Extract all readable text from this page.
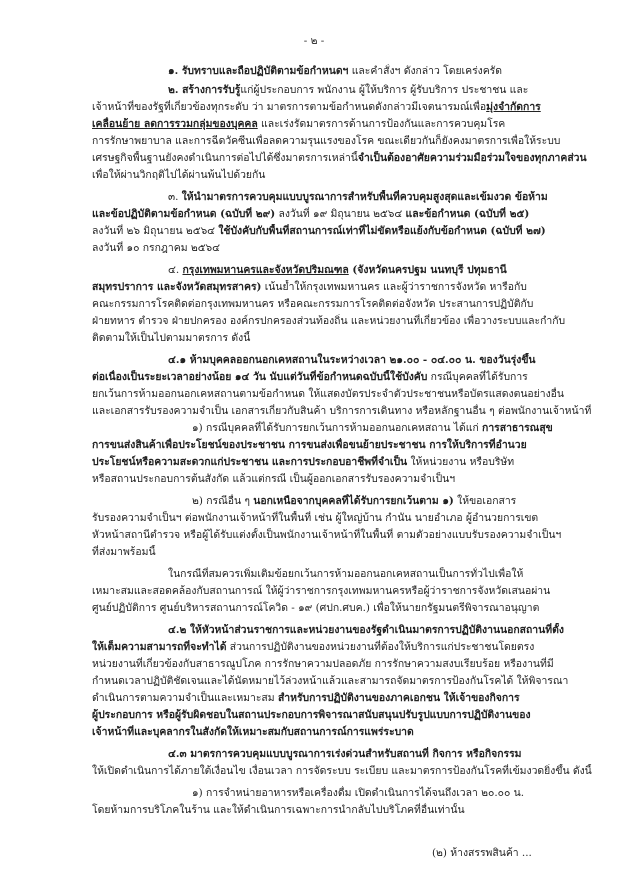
- ๒ -
๑. รับทราบและถือปฏิบัติตามข้อกำหนดฯ และคำสั่งฯ ดังกล่าว โดยเคร่งครัด
๒. สร้างการรับรู้แก่ผู้ประกอบการ พนักงาน ผู้ให้บริการ ผู้รับบริการ ประชาชน และ
เจ้าหน้าที่ของรัฐที่เกี่ยวข้องทุกระดับ ว่า มาตรการตามข้อกำหนดดังกล่าวมีเจตนารมณ์เพื่อมุ่งจำกัดการ
เคลื่อนย้าย ลดการรวมกลุ่มของบุคคล และเร่งรัดมาตรการด้านการป้องกันและการควบคุมโรค
การรักษาพยาบาล และการฉีดวัคซีนเพื่อลดความรุนแรงของโรค ขณะเดียวกันก็ยังคงมาตรการเพื่อให้ระบบ
เศรษฐกิจพื้นฐานยังคงดำเนินการต่อไปได้ซึ่งมาตรการเหล่านี้จำเป็นต้องอาศัยความร่วมมือร่วมใจของทุกภาคส่วน
เพื่อให้ผ่านวิกฤติไปได้ผ่านพ้นไปด้วยกัน
๓. ให้นำมาตรการควบคุมแบบบูรณาการสำหรับพื้นที่ควบคุมสูงสุดและเข้มงวด ข้อห้าม
และข้อปฏิบัติตามข้อกำหนด (ฉบับที่ ๒๙) ลงวันที่ ๑๙ มิถุนายน ๒๕๖๔ และข้อกำหนด (ฉบับที่ ๒๕)
ลงวันที่ ๒๖ มิถุนายน ๒๕๖๔ ใช้บังคับกับพื้นที่สถานการณ์เท่าที่ไม่ขัดหรือแย้งกับข้อกำหนด (ฉบับที่ ๒๗)
ลงวันที่ ๑๐ กรกฎาคม ๒๕๖๔
๔. กรุงเทพมหานครและจังหวัดปริมณฑล (จังหวัดนครปฐม นนทบุรี ปทุมธานี
สมุทรปราการ และจังหวัดสมุทรสาคร) เน้นย้ำให้กรุงเทพมหานคร และผู้ว่าราชการจังหวัด หารือกับ
คณะกรรมการโรคติดต่อกรุงเทพมหานคร หรือคณะกรรมการโรคติดต่อจังหวัด ประสานการปฏิบัติกับ
ฝ่ายทหาร ตำรวจ ฝ่ายปกครอง องค์กรปกครองส่วนท้องถิ่น และหน่วยงานที่เกี่ยวข้อง เพื่อวางระบบและกำกับ
ติดตามให้เป็นไปตามมาตรการ ดังนี้
๔.๑ ห้ามบุคคลออกนอกเคหสถานในระหว่างเวลา ๒๑.๐๐ - ๐๔.๐๐ น. ของวันรุ่งขึ้น
ต่อเนื่องเป็นระยะเวลาอย่างน้อย ๑๔ วัน นับแต่วันที่ข้อกำหนดฉบับนี้ใช้บังคับ กรณีบุคคลที่ได้รับการ
ยกเว้นการห้ามออกนอกเคหสถานตามข้อกำหนด ให้แสดงบัตรประจำตัวประชาชนหรือบัตรแสดงตนอย่างอื่น
และเอกสารรับรองความจำเป็น เอกสารเกี่ยวกับสินค้า บริการการเดินทาง หรือหลักฐานอื่น ๆ ต่อพนักงานเจ้าหน้าที่
๑) กรณีบุคคลที่ได้รับการยกเว้นการห้ามออกนอกเคหสถาน ได้แก่ การสาธารณสุข
การขนส่งสินค้าเพื่อประโยชน์ของประชาชน การขนส่งเพื่อขนย้ายประชาชน การให้บริการที่อำนวย
ประโยชน์หรือความสะดวกแก่ประชาชน และการประกอบอาชีพที่จำเป็น ให้หน่วยงาน หรือบริษัท
หรือสถานประกอบการต้นสังกัด แล้วแต่กรณี เป็นผู้ออกเอกสารรับรองความจำเป็นฯ
๒) กรณีอื่น ๆ นอกเหนือจากบุคคลที่ได้รับการยกเว้นตาม ๑) ให้ขอเอกสาร
รับรองความจำเป็นฯ ต่อพนักงานเจ้าหน้าที่ในพื้นที่ เช่น ผู้ใหญ่บ้าน กำนัน นายอำเภอ ผู้อำนวยการเขต
หัวหน้าสถานีตำรวจ หรือผู้ได้รับแต่งตั้งเป็นพนักงานเจ้าหน้าที่ในพื้นที่ ตามตัวอย่างแบบรับรองความจำเป็นฯ
ที่ส่งมาพร้อมนี้
ในกรณีที่สมควรเพิ่มเติมข้อยกเว้นการห้ามออกนอกเคหสถานเป็นการทั่วไปเพื่อให้
เหมาะสมและสอดคล้องกับสถานการณ์ ให้ผู้ว่าราชการกรุงเทพมหานครหรือผู้ว่าราชการจังหวัดเสนอผ่าน
ศูนย์ปฏิบัติการ ศูนย์บริหารสถานการณ์โควิด - ๑๙ (ศปก.ศบค.) เพื่อให้นายกรัฐมนตรีพิจารณาอนุญาต
๔.๒ ให้หัวหน้าส่วนราชการและหน่วยงานของรัฐดำเนินมาตรการปฏิบัติงานนอกสถานที่ตั้ง
ให้เต็มความสามารถที่จะทำได้ ส่วนการปฏิบัติงานของหน่วยงานที่ต้องให้บริการแก่ประชาชนโดยตรง
หน่วยงานที่เกี่ยวข้องกับสาธารณูปโภค การรักษาความปลอดภัย การรักษาความสงบเรียบร้อย หรืองานที่มี
กำหนดเวลาปฏิบัติชัดเจนและได้นัดหมายไว้ล่วงหน้าแล้วและสามารถจัดมาตรการป้องกันโรคได้ ให้พิจารณา
ดำเนินการตามความจำเป็นและเหมาะสม สำหรับการปฏิบัติงานของภาคเอกชน ให้เจ้าของกิจการ
ผู้ประกอบการ หรือผู้รับผิดชอบในสถานประกอบการพิจารณาสนับสนุนปรับรูปแบบการปฏิบัติงานของ
เจ้าหน้าที่และบุคลากรในสังกัดให้เหมาะสมกับสถานการณ์การแพร่ระบาด
๔.๓ มาตรการควบคุมแบบบูรณาการเร่งด่วนสำหรับสถานที่ กิจการ หรือกิจกรรม
ให้เปิดดำเนินการได้ภายใต้เงื่อนไข เงื่อนเวลา การจัดระบบ ระเบียบ และมาตรการป้องกันโรคที่เข้มงวดยิ่งขึ้น ดังนี้
๑) การจำหน่ายอาหารหรือเครื่องดื่ม เปิดดำเนินการได้จนถึงเวลา ๒๐.๐๐ น.
โดยห้ามการบริโภคในร้าน และให้ดำเนินการเฉพาะการนำกลับไปบริโภคที่อื่นเท่านั้น
(๒) ห้างสรรพสินค้า ...
